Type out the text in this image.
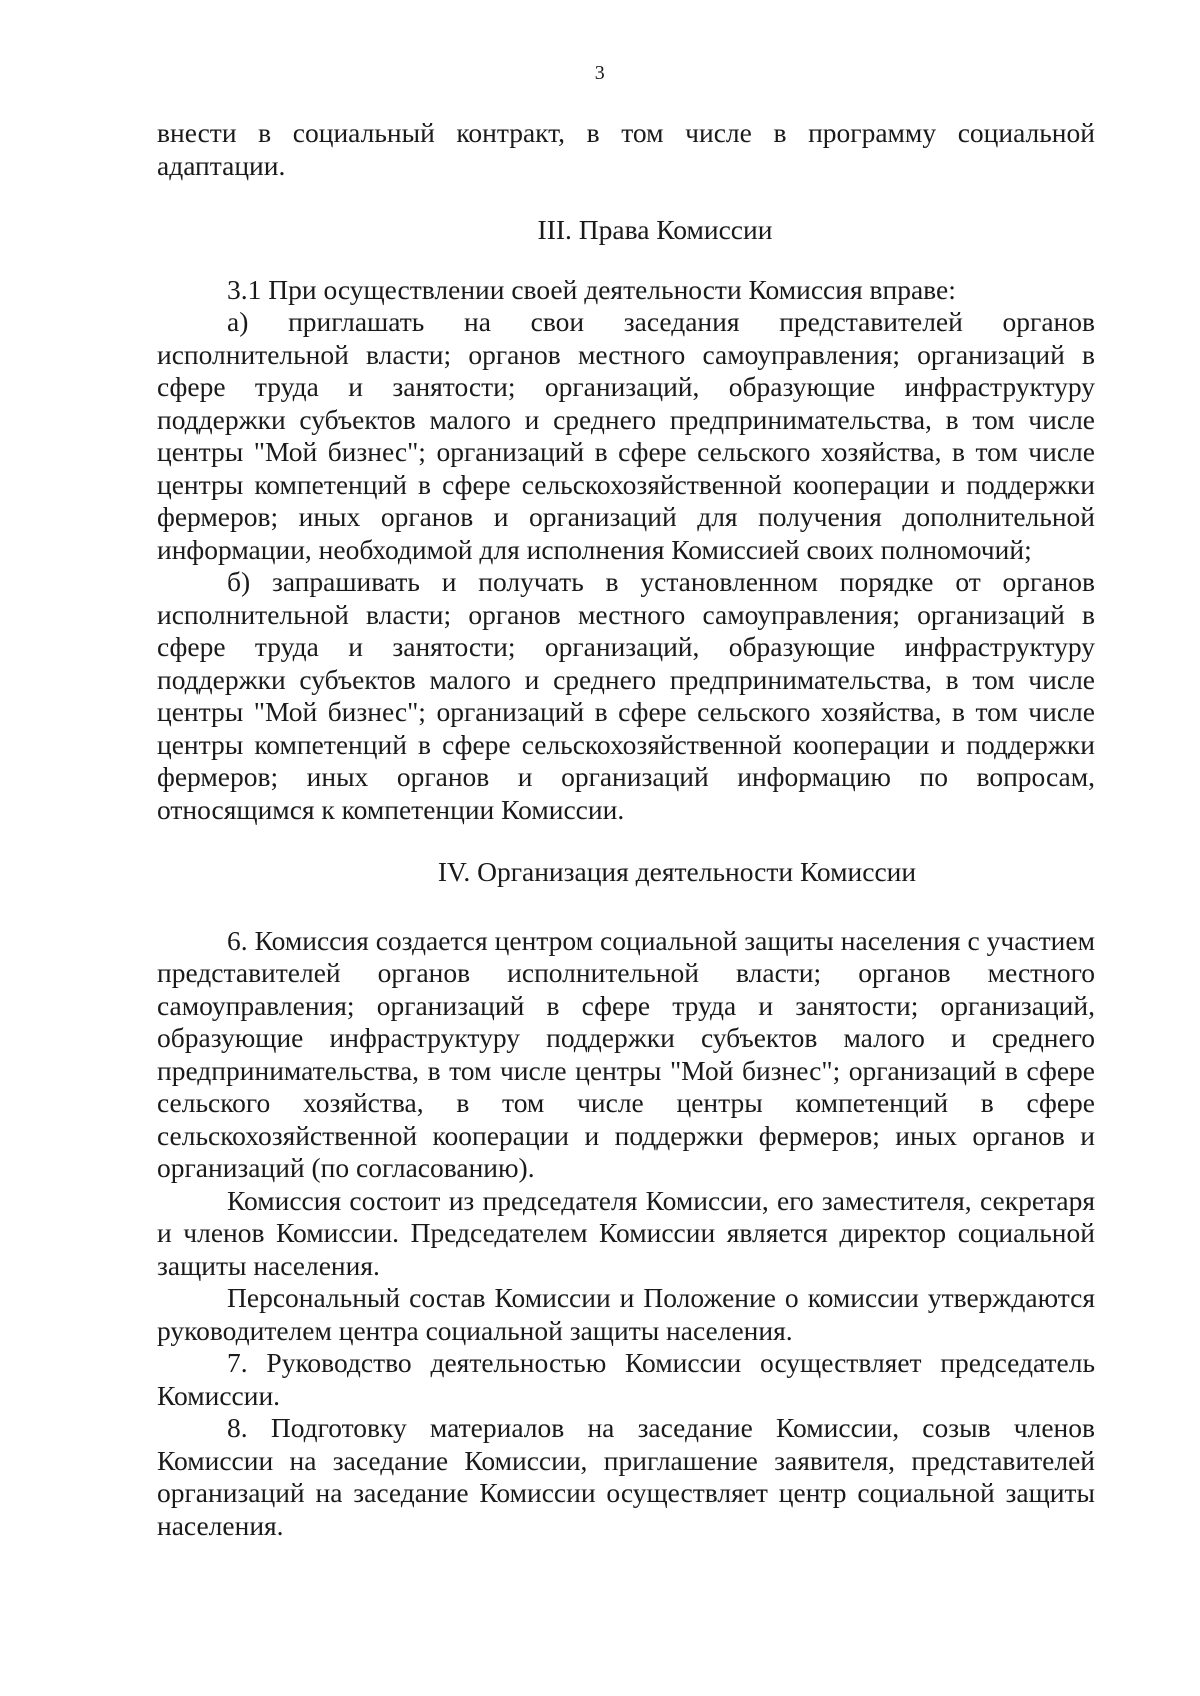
3

внести в социальный контракт, в том числе в программу социальной адаптации.

III. Права Комиссии

3.1 При осуществлении своей деятельности Комиссия вправе:

а) приглашать на свои заседания представителей органов исполнительной власти; органов местного самоуправления; организаций в сфере труда и занятости; организаций, образующие инфраструктуру поддержки субъектов малого и среднего предпринимательства, в том числе центры "Мой бизнес"; организаций в сфере сельского хозяйства, в том числе центры компетенций в сфере сельскохозяйственной кооперации и поддержки фермеров; иных органов и организаций для получения дополнительной информации, необходимой для исполнения Комиссией своих полномочий;

б) запрашивать и получать в установленном порядке от органов исполнительной власти; органов местного самоуправления; организаций в сфере труда и занятости; организаций, образующие инфраструктуру поддержки субъектов малого и среднего предпринимательства, в том числе центры "Мой бизнес"; организаций в сфере сельского хозяйства, в том числе центры компетенций в сфере сельскохозяйственной кооперации и поддержки фермеров; иных органов и организаций информацию по вопросам, относящимся к компетенции Комиссии.

IV. Организация деятельности Комиссии

6. Комиссия создается центром социальной защиты населения с участием представителей органов исполнительной власти; органов местного самоуправления; организаций в сфере труда и занятости; организаций, образующие инфраструктуру поддержки субъектов малого и среднего предпринимательства, в том числе центры "Мой бизнес"; организаций в сфере сельского хозяйства, в том числе центры компетенций в сфере сельскохозяйственной кооперации и поддержки фермеров; иных органов и организаций (по согласованию).

Комиссия состоит из председателя Комиссии, его заместителя, секретаря и членов Комиссии. Председателем Комиссии является директор социальной защиты населения.

Персональный состав Комиссии и Положение о комиссии утверждаются руководителем центра социальной защиты населения.

7. Руководство деятельностью Комиссии осуществляет председатель Комиссии.

8. Подготовку материалов на заседание Комиссии, созыв членов Комиссии на заседание Комиссии, приглашение заявителя, представителей организаций на заседание Комиссии осуществляет центр социальной защиты населения.
